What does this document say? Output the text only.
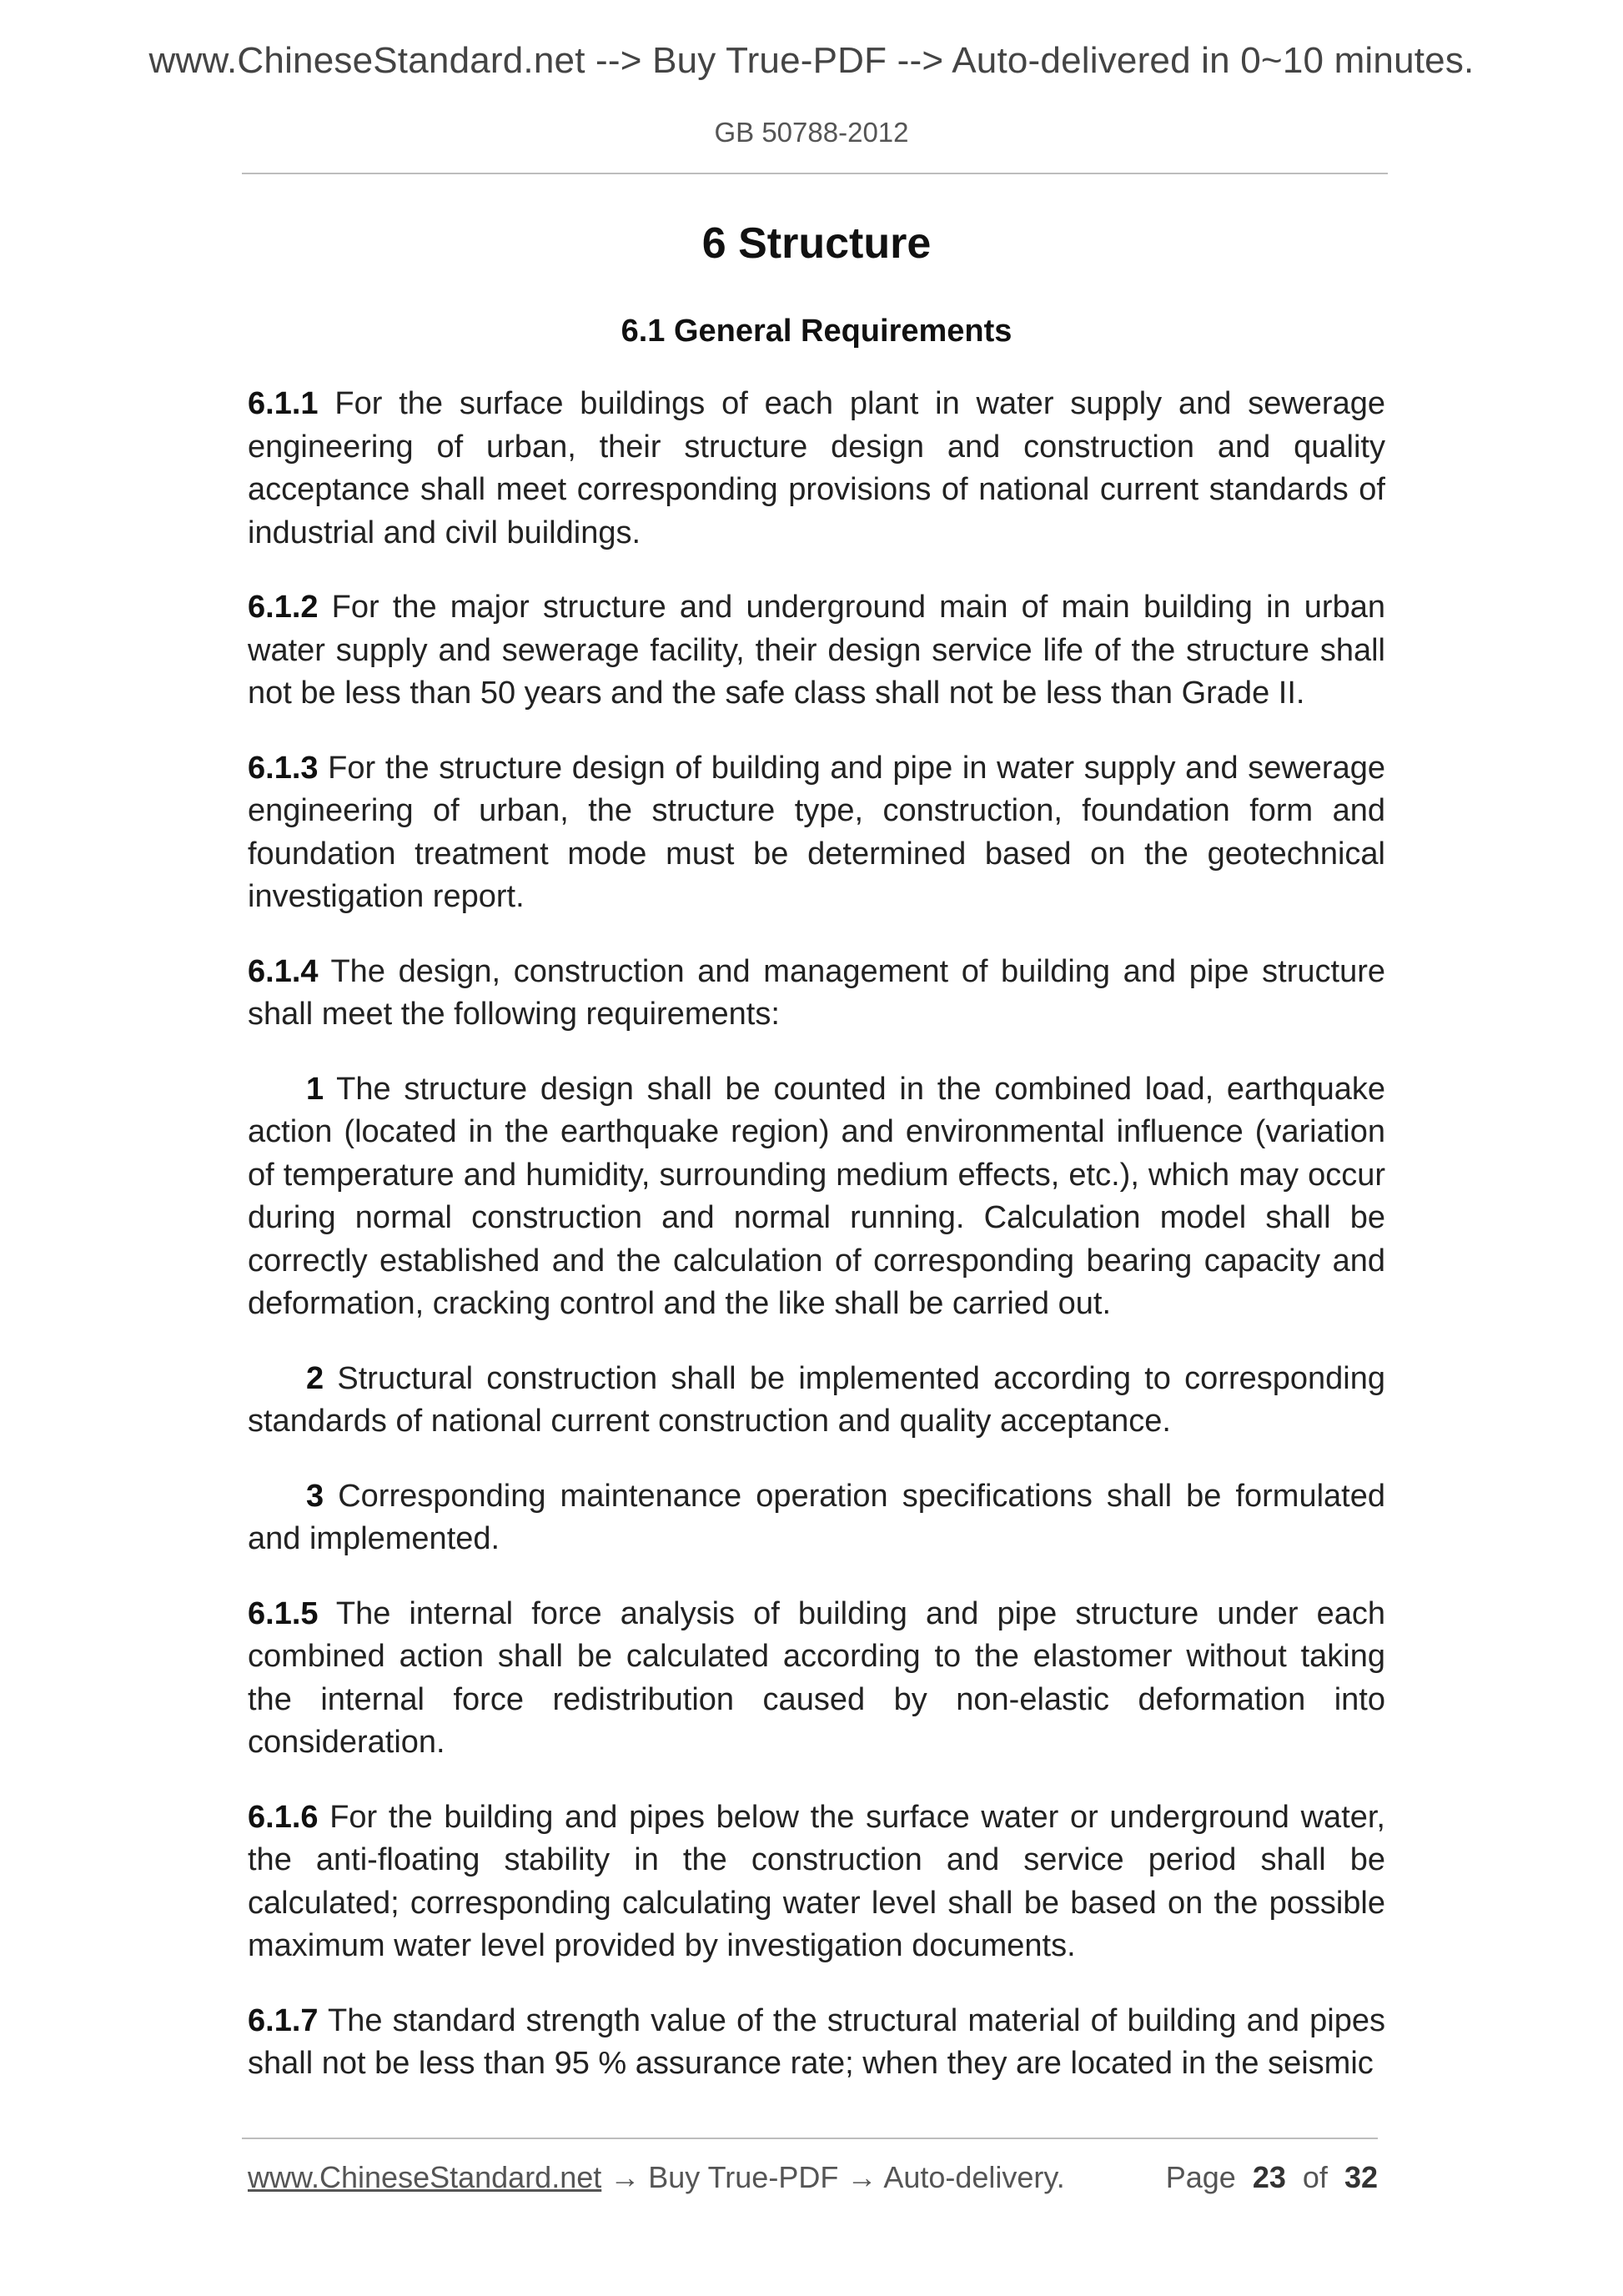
www.ChineseStandard.net --> Buy True-PDF --> Auto-delivered in 0~10 minutes.
GB 50788-2012
6 Structure
6.1 General Requirements

6.1.1 For the surface buildings of each plant in water supply and sewerage engineering of urban, their structure design and construction and quality acceptance shall meet corresponding provisions of national current standards of industrial and civil buildings.

6.1.2 For the major structure and underground main of main building in urban water supply and sewerage facility, their design service life of the structure shall not be less than 50 years and the safe class shall not be less than Grade II.

6.1.3 For the structure design of building and pipe in water supply and sewerage engineering of urban, the structure type, construction, foundation form and foundation treatment mode must be determined based on the geotechnical investigation report.

6.1.4 The design, construction and management of building and pipe structure shall meet the following requirements:

1 The structure design shall be counted in the combined load, earthquake action (located in the earthquake region) and environmental influence (variation of temperature and humidity, surrounding medium effects, etc.), which may occur during normal construction and normal running. Calculation model shall be correctly established and the calculation of corresponding bearing capacity and deformation, cracking control and the like shall be carried out.

2 Structural construction shall be implemented according to corresponding standards of national current construction and quality acceptance.

3 Corresponding maintenance operation specifications shall be formulated and implemented.

6.1.5 The internal force analysis of building and pipe structure under each combined action shall be calculated according to the elastomer without taking the internal force redistribution caused by non-elastic deformation into consideration.

6.1.6 For the building and pipes below the surface water or underground water, the anti-floating stability in the construction and service period shall be calculated; corresponding calculating water level shall be based on the possible maximum water level provided by investigation documents.

6.1.7 The standard strength value of the structural material of building and pipes shall not be less than 95 % assurance rate; when they are located in the seismic

www.ChineseStandard.net → Buy True-PDF → Auto-delivery.	Page 23 of 32
